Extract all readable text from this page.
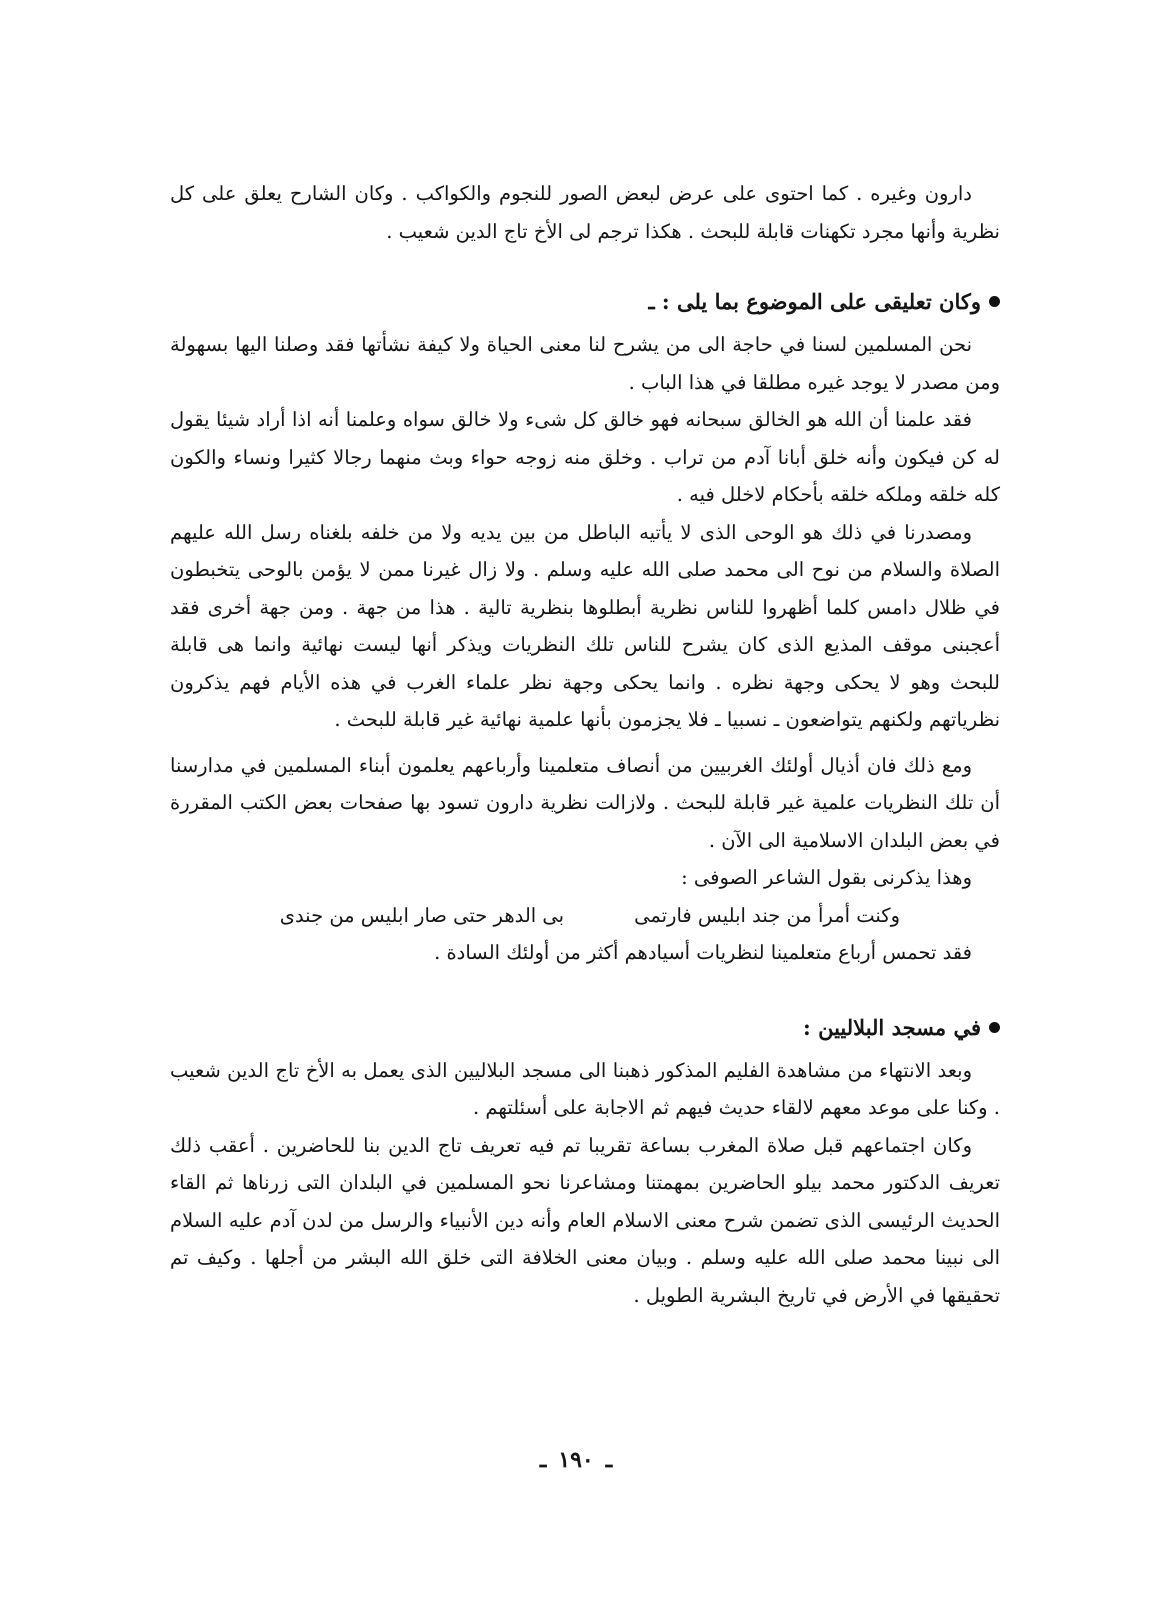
دارون وغيره . كما احتوى على عرض لبعض الصور للنجوم والكواكب . وكان الشارح يعلق على كل نظرية وأنها مجرد تكهنات قابلة للبحث . هكذا ترجم لى الأخ تاج الدين شعيب .

وكان تعليقى على الموضوع بما يلى : ـ

نحن المسلمين لسنا في حاجة الى من يشرح لنا معنى الحياة ولا كيفة نشأتها فقد وصلنا اليها بسهولة ومن مصدر لا يوجد غيره مطلقا في هذا الباب .

فقد علمنا أن الله هو الخالق سبحانه فهو خالق كل شىء ولا خالق سواه وعلمنا أنه اذا أراد شيئا يقول له كن فيكون وأنه خلق أبانا آدم من تراب . وخلق منه زوجه حواء وبث منهما رجالا كثيرا ونساء والكون كله خلقه وملكه خلقه بأحكام لاخلل فيه .

ومصدرنا في ذلك هو الوحى الذى لا يأتيه الباطل من بين يديه ولا من خلفه بلغناه رسل الله عليهم الصلاة والسلام من نوح الى محمد صلى الله عليه وسلم . ولا زال غيرنا ممن لا يؤمن بالوحى يتخبطون في ظلال دامس كلما أظهروا للناس نظرية أبطلوها بنظرية تالية . هذا من جهة . ومن جهة أخرى فقد أعجبنى موقف المذيع الذى كان يشرح للناس تلك النظريات ويذكر أنها ليست نهائية وانما هى قابلة للبحث وهو لا يحكى وجهة نظره . وانما يحكى وجهة نظر علماء الغرب في هذه الأيام فهم يذكرون نظرياتهم ولكنهم يتواضعون ـ نسبيا ـ فلا يجزمون بأنها علمية نهائية غير قابلة للبحث .

ومع ذلك فان أذيال أولئك الغربيين من أنصاف متعلمينا وأرباعهم يعلمون أبناء المسلمين في مدارسنا أن تلك النظريات علمية غير قابلة للبحث . ولازالت نظرية دارون تسود بها صفحات بعض الكتب المقررة في بعض البلدان الاسلامية الى الآن .

وهذا يذكرنى بقول الشاعر الصوفى :

وكنت أمرأ من جند ابليس فارتمى
بى الدهر حتى صار ابليس من جندى

فقد تحمس أرباع متعلمينا لنظريات أسيادهم أكثر من أولئك السادة .

في مسجد البلاليين :

وبعد الانتهاء من مشاهدة الفليم المذكور ذهبنا الى مسجد البلاليين الذى يعمل به الأخ تاج الدين شعيب . وكنا على موعد معهم لالقاء حديث فيهم ثم الاجابة على أسئلتهم .

وكان اجتماعهم قبل صلاة المغرب بساعة تقريبا تم فيه تعريف تاج الدين بنا للحاضرين . أعقب ذلك تعريف الدكتور محمد بيلو الحاضرين بمهمتنا ومشاعرنا نحو المسلمين في البلدان التى زرناها ثم القاء الحديث الرئيسى الذى تضمن شرح معنى الاسلام العام وأنه دين الأنبياء والرسل من لدن آدم عليه السلام الى نبينا محمد صلى الله عليه وسلم . وبيان معنى الخلافة التى خلق الله البشر من أجلها . وكيف تم تحقيقها في الأرض في تاريخ البشرية الطويل .

ـ١٩٠ـ
